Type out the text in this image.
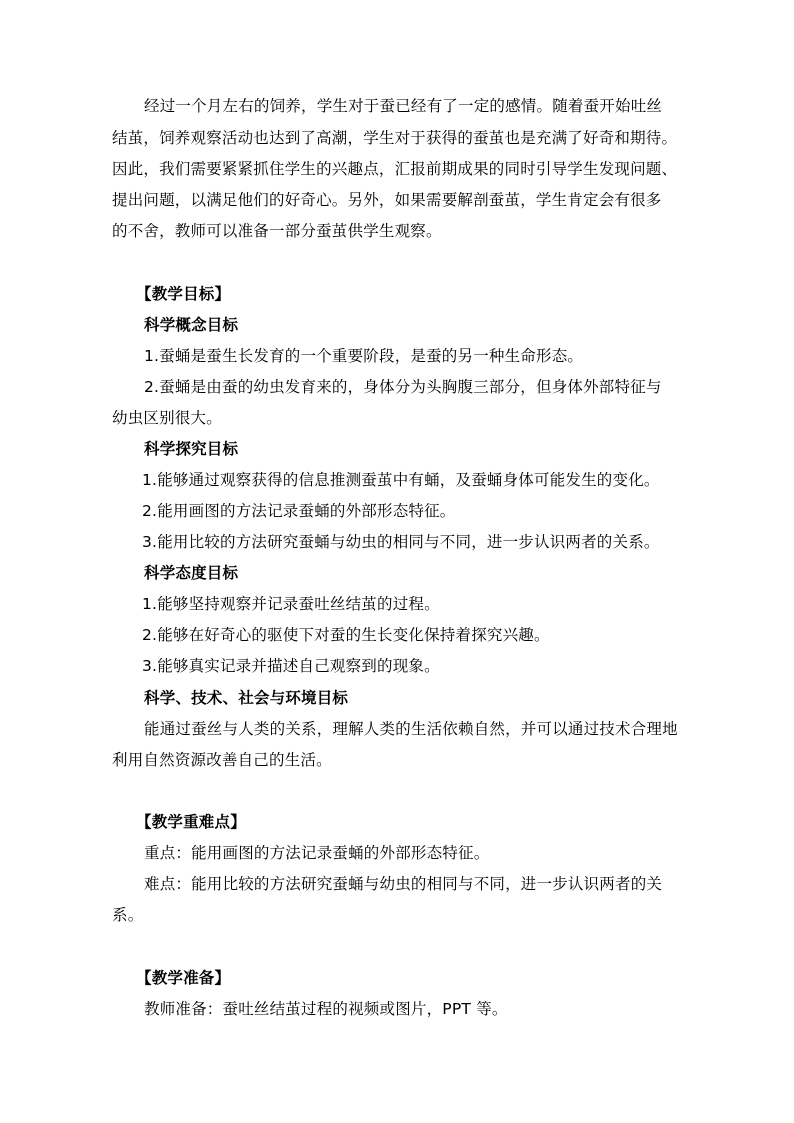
经过一个月左右的饲养，学生对于蚕已经有了一定的感情。随着蚕开始吐丝
结茧，饲养观察活动也达到了高潮，学生对于获得的蚕茧也是充满了好奇和期待。
因此，我们需要紧紧抓住学生的兴趣点，汇报前期成果的同时引导学生发现问题、
提出问题，以满足他们的好奇心。另外，如果需要解剖蚕茧，学生肯定会有很多
的不舍，教师可以准备一部分蚕茧供学生观察。
【教学目标】
科学概念目标
1.蚕蛹是蚕生长发育的一个重要阶段，是蚕的另一种生命形态。
2.蚕蛹是由蚕的幼虫发育来的，身体分为头胸腹三部分，但身体外部特征与
幼虫区别很大。
科学探究目标
1.能够通过观察获得的信息推测蚕茧中有蛹，及蚕蛹身体可能发生的变化。
2.能用画图的方法记录蚕蛹的外部形态特征。
3.能用比较的方法研究蚕蛹与幼虫的相同与不同，进一步认识两者的关系。
科学态度目标
1.能够坚持观察并记录蚕吐丝结茧的过程。
2.能够在好奇心的驱使下对蚕的生长变化保持着探究兴趣。
3.能够真实记录并描述自己观察到的现象。
科学、技术、社会与环境目标
能通过蚕丝与人类的关系，理解人类的生活依赖自然，并可以通过技术合理地
利用自然资源改善自己的生活。
【教学重难点】
重点：能用画图的方法记录蚕蛹的外部形态特征。
难点：能用比较的方法研究蚕蛹与幼虫的相同与不同，进一步认识两者的关
系。
【教学准备】
教师准备：蚕吐丝结茧过程的视频或图片，PPT 等。
